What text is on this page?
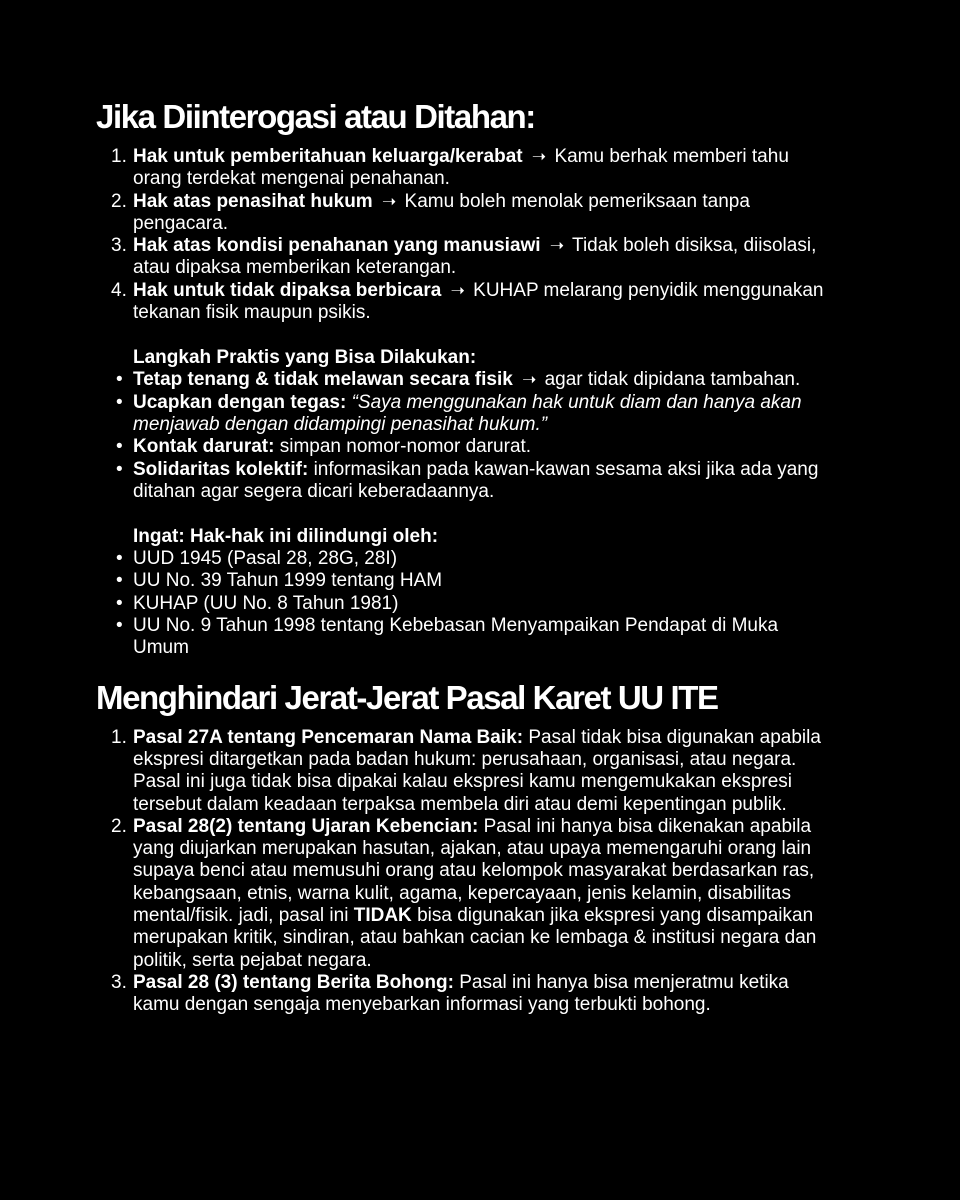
Jika Diinterogasi atau Ditahan:
1. Hak untuk pemberitahuan keluarga/kerabat ➝ Kamu berhak memberi tahu orang terdekat mengenai penahanan.
2. Hak atas penasihat hukum ➝ Kamu boleh menolak pemeriksaan tanpa pengacara.
3. Hak atas kondisi penahanan yang manusiawi ➝ Tidak boleh disiksa, diisolasi, atau dipaksa memberikan keterangan.
4. Hak untuk tidak dipaksa berbicara ➝ KUHAP melarang penyidik menggunakan tekanan fisik maupun psikis.
Langkah Praktis yang Bisa Dilakukan:
• Tetap tenang & tidak melawan secara fisik ➝ agar tidak dipidana tambahan.
• Ucapkan dengan tegas: “Saya menggunakan hak untuk diam dan hanya akan menjawab dengan didampingi penasihat hukum.”
• Kontak darurat: simpan nomor-nomor darurat.
• Solidaritas kolektif: informasikan pada kawan-kawan sesama aksi jika ada yang ditahan agar segera dicari keberadaannya.
Ingat: Hak-hak ini dilindungi oleh:
• UUD 1945 (Pasal 28, 28G, 28I)
• UU No. 39 Tahun 1999 tentang HAM
• KUHAP (UU No. 8 Tahun 1981)
• UU No. 9 Tahun 1998 tentang Kebebasan Menyampaikan Pendapat di Muka Umum
Menghindari Jerat-Jerat Pasal Karet UU ITE
1. Pasal 27A tentang Pencemaran Nama Baik: Pasal tidak bisa digunakan apabila ekspresi ditargetkan pada badan hukum: perusahaan, organisasi, atau negara. Pasal ini juga tidak bisa dipakai kalau ekspresi kamu mengemukakan ekspresi tersebut dalam keadaan terpaksa membela diri atau demi kepentingan publik.
2. Pasal 28(2) tentang Ujaran Kebencian: Pasal ini hanya bisa dikenakan apabila yang diujarkan merupakan hasutan, ajakan, atau upaya memengaruhi orang lain supaya benci atau memusuhi orang atau kelompok masyarakat berdasarkan ras, kebangsaan, etnis, warna kulit, agama, kepercayaan, jenis kelamin, disabilitas mental/fisik. jadi, pasal ini TIDAK bisa digunakan jika ekspresi yang disampaikan merupakan kritik, sindiran, atau bahkan cacian ke lembaga & institusi negara dan politik, serta pejabat negara.
3. Pasal 28 (3) tentang Berita Bohong: Pasal ini hanya bisa menjeratmu ketika kamu dengan sengaja menyebarkan informasi yang terbukti bohong.
